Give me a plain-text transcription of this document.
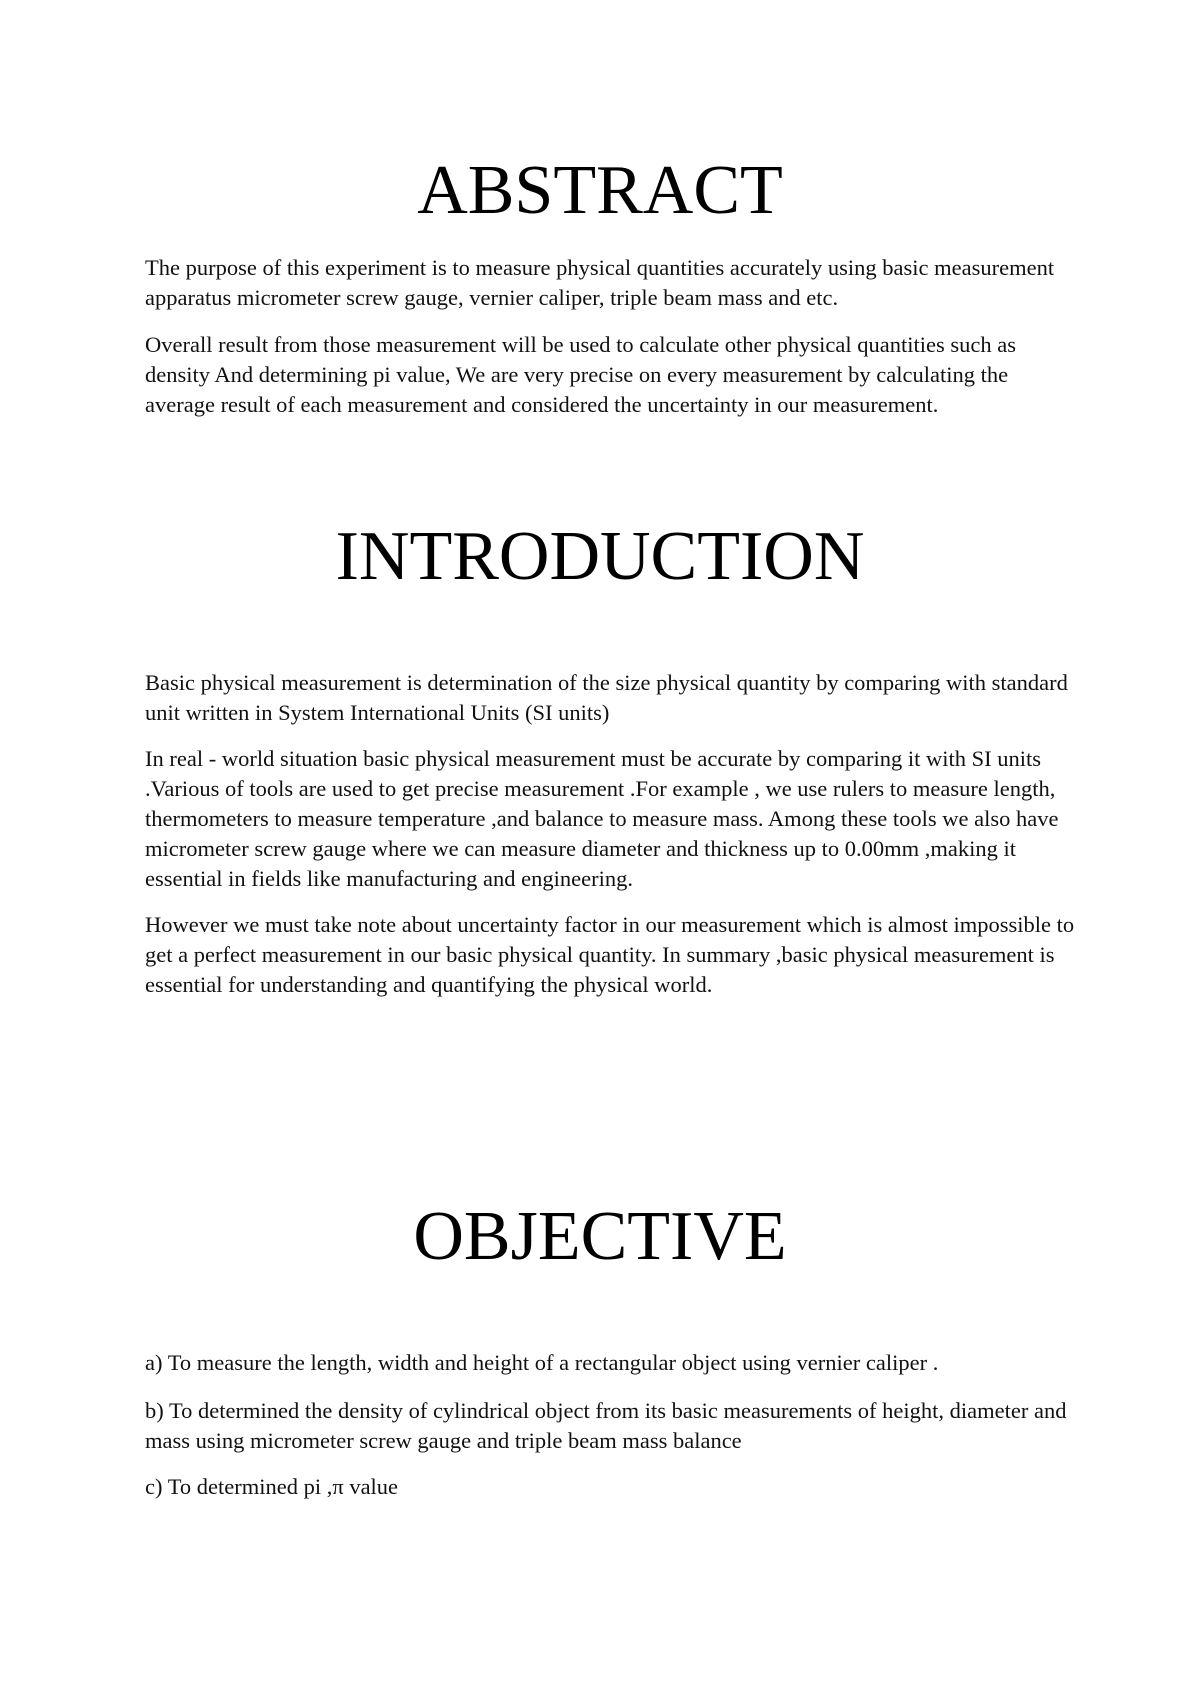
ABSTRACT

The purpose of this experiment is to measure physical quantities accurately using basic measurement apparatus micrometer screw gauge, vernier caliper, triple beam mass and etc.

Overall result from those measurement will be used to calculate other physical quantities such as density And determining pi value, We are very precise on every measurement by calculating the average result of each measurement and considered the uncertainty in our measurement.

INTRODUCTION

Basic physical measurement is determination of the size physical quantity by comparing with standard unit written in System International Units (SI units)

In real - world situation basic physical measurement must be accurate by comparing it with SI units .Various of tools are used to get precise measurement .For example , we use rulers to measure length, thermometers to measure temperature ,and balance to measure mass. Among these tools we also have micrometer screw gauge where we can measure diameter and thickness up to 0.00mm ,making it essential in fields like manufacturing and engineering.

However we must take note about uncertainty factor in our measurement which is almost impossible to get a perfect measurement in our basic physical quantity. In summary ,basic physical measurement is essential for understanding and quantifying the physical world.

OBJECTIVE

a) To measure the length, width and height of a rectangular object using vernier caliper .

b) To determined the density of cylindrical object from its basic measurements of height, diameter and mass using micrometer screw gauge and triple beam mass balance

c) To determined pi ,π value
